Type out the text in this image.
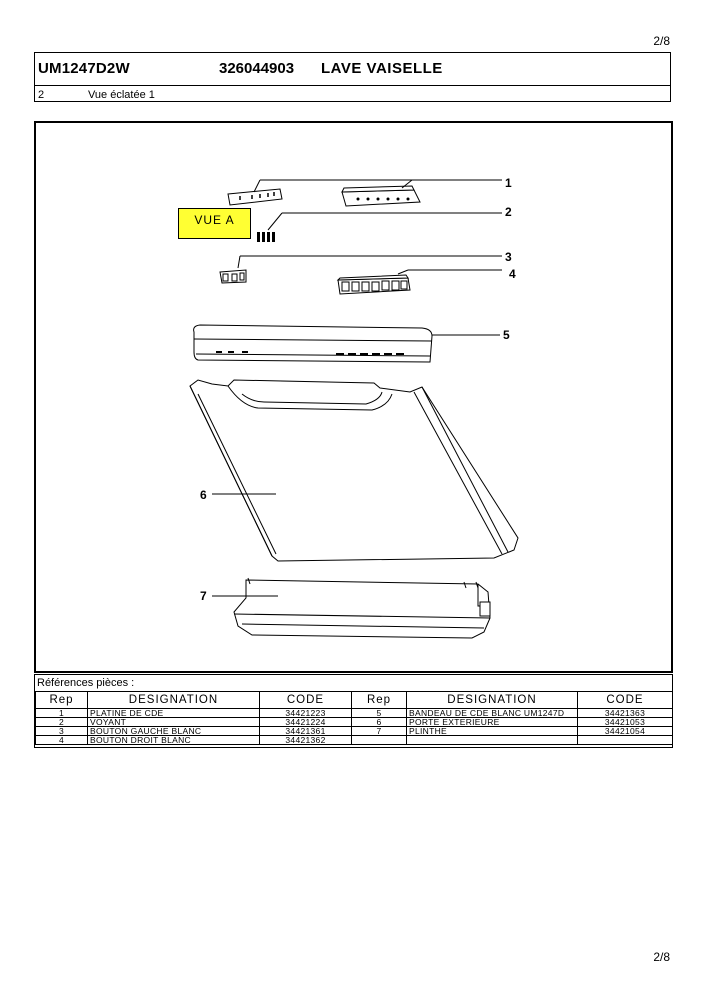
2/8
UM1247D2W	326044903 LAVE VAISELLE
2	Vue éclatée 1
1
2
3
4
5
6
7
VUE A
Références pièces :
Rep	DESIGNATION	CODE	Rep	DESIGNATION	CODE
1	PLATINE DE CDE	34421223	5	BANDEAU DE CDE BLANC UM1247D	34421363
2	VOYANT	34421224	6	PORTE EXTERIEURE	34421053
3	BOUTON GAUCHE BLANC	34421361	7	PLINTHE	34421054
4	BOUTON DROIT BLANC	34421362			
2/8
